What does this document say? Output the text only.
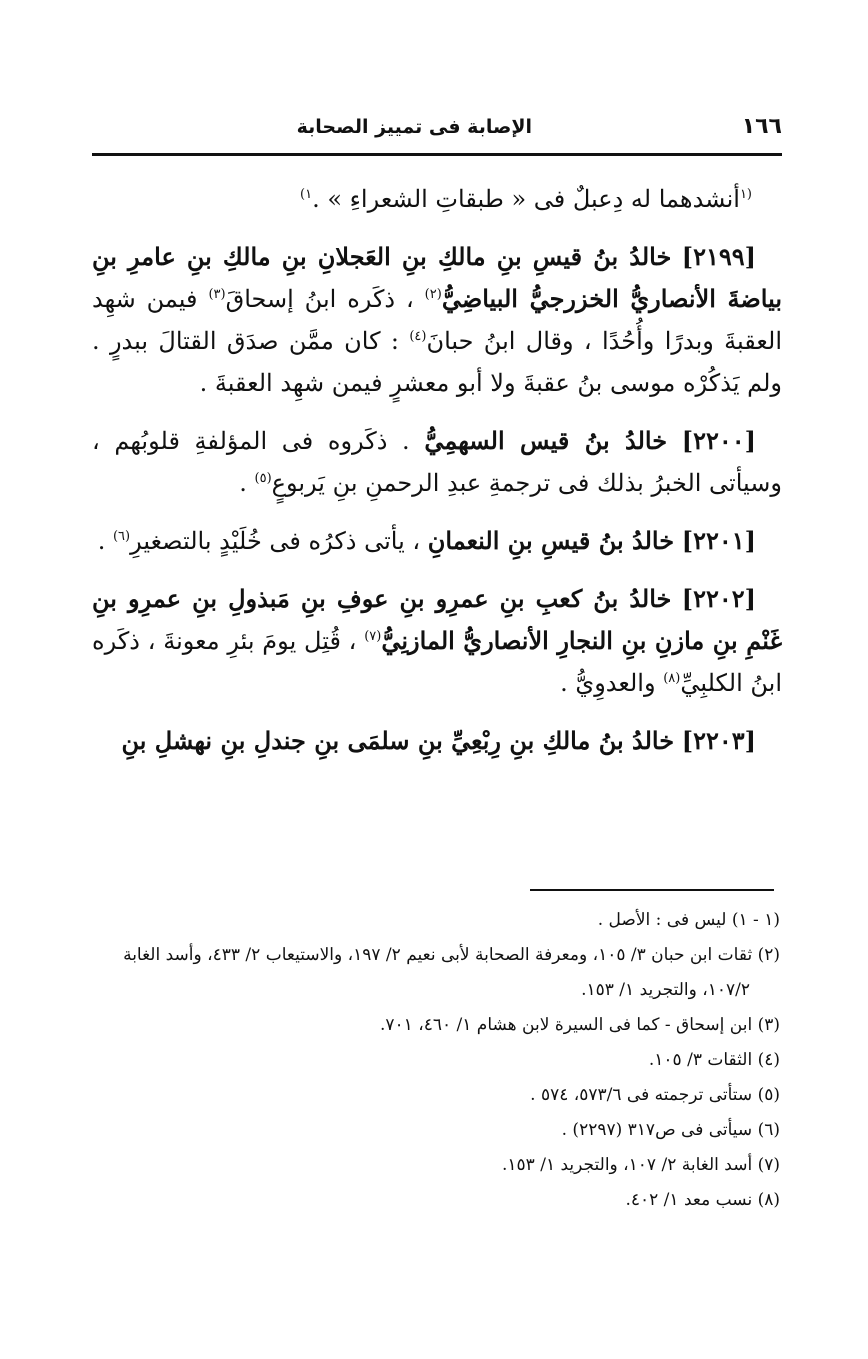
١٦٦
الإصابة فى تمييز الصحابة

$^{(١}$أنشدهما له دِعبلٌ فى « طبقاتِ الشعراءِ » .$^{١)}$

[٢١٩٩] خالدُ بنُ قيسِ بنِ مالكِ بنِ العَجلانِ بنِ مالكِ بنِ عامرِ بنِ بياضةَ الأنصاريُّ الخزرجيُّ البياضِيُّ$^{(٢)}$ ، ذكَره ابنُ إسحاقَ$^{(٣)}$ فيمن شهِد العقبةَ وبدرًا وأُحُدًا ، وقال ابنُ حبانَ$^{(٤)}$ : كان ممَّن صدَق القتالَ ببدرٍ . ولم يَذكُرْه موسى بنُ عقبةَ ولا أبو معشرٍ فيمن شهِد العقبةَ .

[٢٢٠٠] خالدُ بنُ قيس السهمِيُّ . ذكَروه فى المؤلفةِ قلوبُهم ، وسيأتى الخبرُ بذلك فى ترجمةِ عبدِ الرحمنِ بنِ يَربوعٍ$^{(٥)}$ .

[٢٢٠١] خالدُ بنُ قيسِ بنِ النعمانِ ، يأتى ذكرُه فى خُلَيْدٍ بالتصغيرِ$^{(٦)}$ .

[٢٢٠٢] خالدُ بنُ كعبِ بنِ عمرِو بنِ عوفِ بنِ مَبذولِ بنِ عمرِو بنِ غَنْمِ بنِ مازنِ بنِ النجارِ الأنصاريُّ المازنِيُّ$^{(٧)}$ ، قُتِل يومَ بئرِ معونةَ ، ذكَره ابنُ الكلبِيِّ$^{(٨)}$ والعدوِيُّ .

[٢٢٠٣] خالدُ بنُ مالكِ بنِ رِبْعِيِّ بنِ سلمَى بنِ جندلِ بنِ نهشلِ بنِ

(١ - ١) ليس فى : الأصل .
(٢) ثقات ابن حبان ٣/ ١٠٥، ومعرفة الصحابة لأبى نعيم ٢/ ١٩٧، والاستيعاب ٢/ ٤٣٣، وأسد الغابة
١٠٧/٢، والتجريد ١/ ١٥٣.
(٣) ابن إسحاق - كما فى السيرة لابن هشام ١/ ٤٦٠، ٧٠١.
(٤) الثقات ٣/ ١٠٥.
(٥) ستأتى ترجمته فى ٥٧٣/٦، ٥٧٤ .
(٦) سيأتى فى ص٣١٧ (٢٢٩٧) .
(٧) أسد الغابة ٢/ ١٠٧، والتجريد ١/ ١٥٣.
(٨) نسب معد ١/ ٤٠٢.
